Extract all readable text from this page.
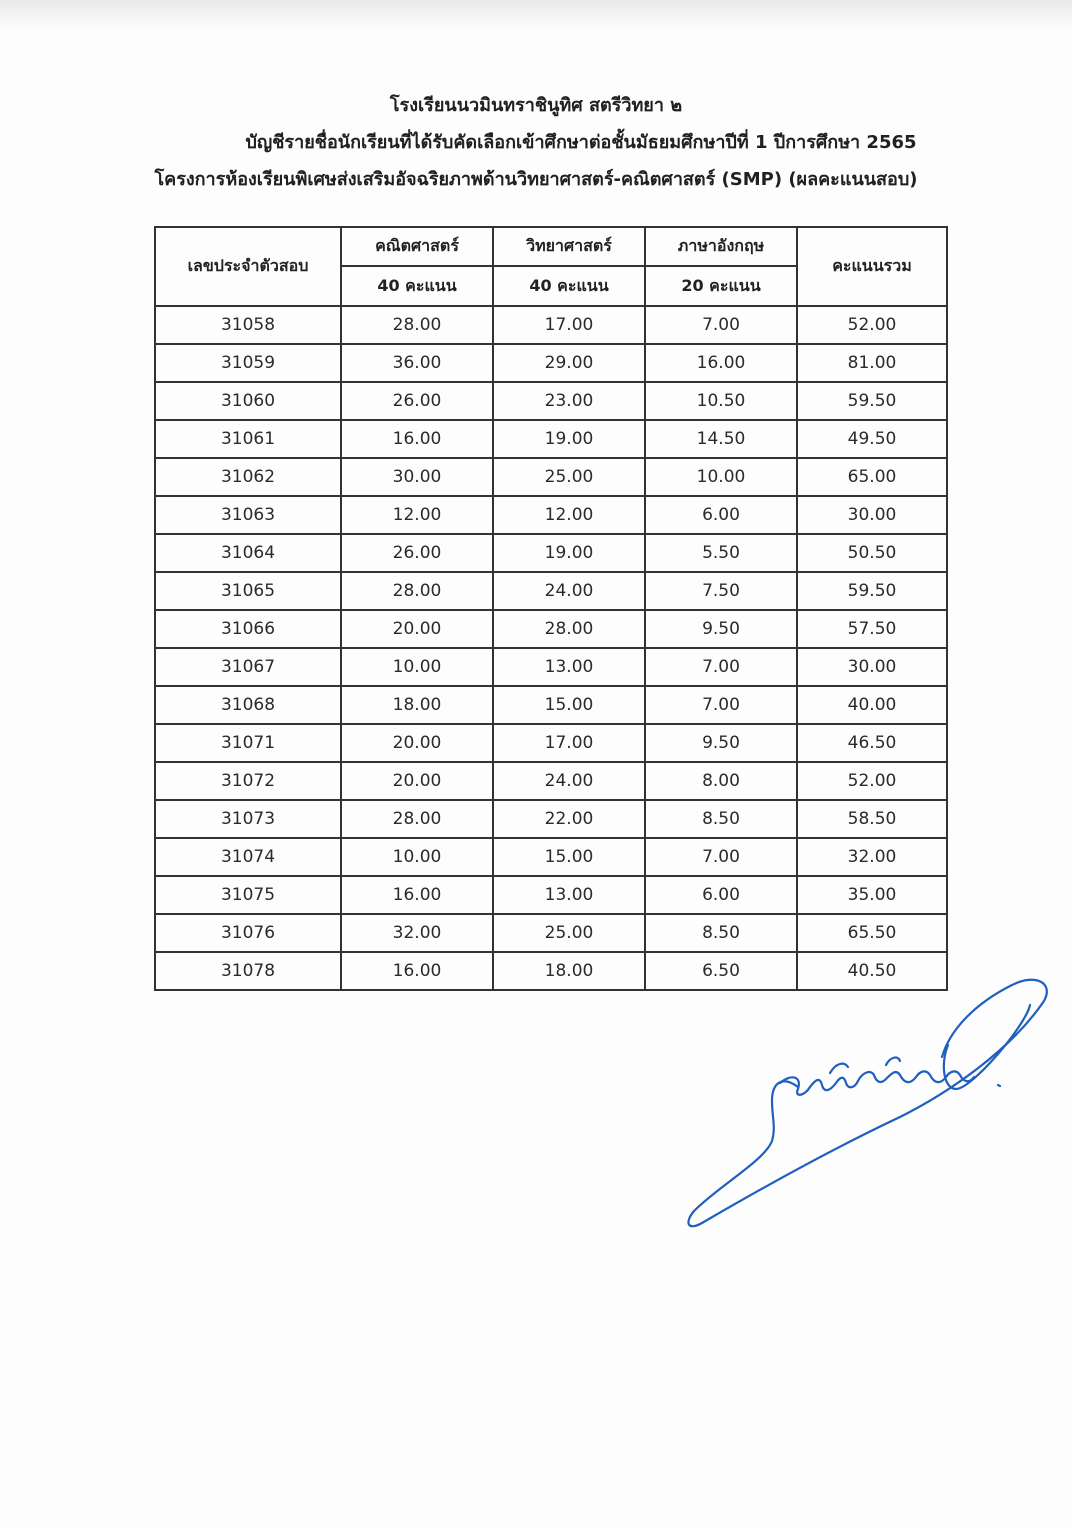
โรงเรียนนวมินทราชินูทิศ สตรีวิทยา ๒
บัญชีรายชื่อนักเรียนที่ได้รับคัดเลือกเข้าศึกษาต่อชั้นมัธยมศึกษาปีที่ 1 ปีการศึกษา 2565
โครงการห้องเรียนพิเศษส่งเสริมอัจฉริยภาพด้านวิทยาศาสตร์-คณิตศาสตร์ (SMP) (ผลคะแนนสอบ)
เลขประจำตัวสอบ	คณิตศาสตร์	วิทยาศาสตร์	ภาษาอังกฤษ	คะแนนรวม
	40 คะแนน	40 คะแนน	20 คะแนน	
31058	28.00	17.00	7.00	52.00
31059	36.00	29.00	16.00	81.00
31060	26.00	23.00	10.50	59.50
31061	16.00	19.00	14.50	49.50
31062	30.00	25.00	10.00	65.00
31063	12.00	12.00	6.00	30.00
31064	26.00	19.00	5.50	50.50
31065	28.00	24.00	7.50	59.50
31066	20.00	28.00	9.50	57.50
31067	10.00	13.00	7.00	30.00
31068	18.00	15.00	7.00	40.00
31071	20.00	17.00	9.50	46.50
31072	20.00	24.00	8.00	52.00
31073	28.00	22.00	8.50	58.50
31074	10.00	15.00	7.00	32.00
31075	16.00	13.00	6.00	35.00
31076	32.00	25.00	8.50	65.50
31078	16.00	18.00	6.50	40.50
